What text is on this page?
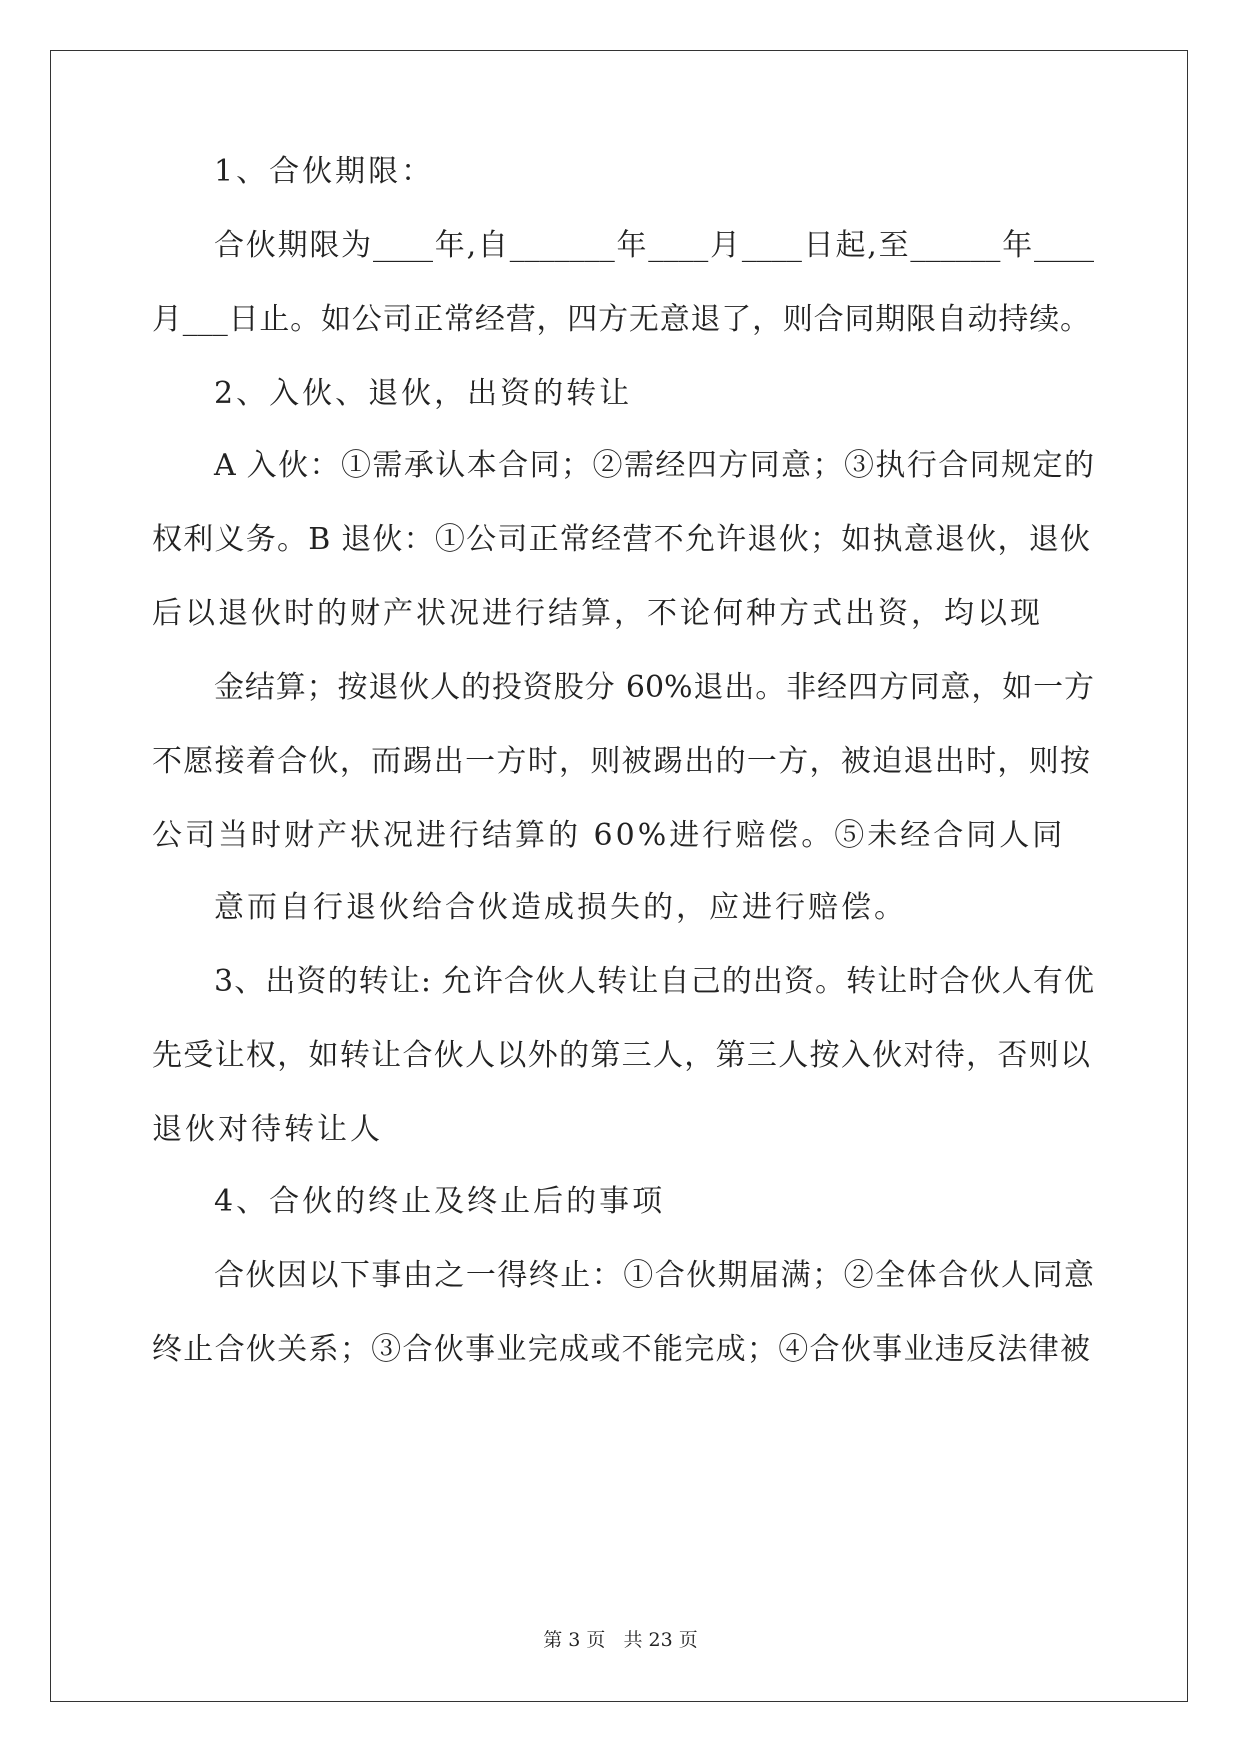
1、合伙期限：
合伙期限为____年,自_______年____月____日起,至______年____
月___日止。如公司正常经营，四方无意退了，则合同期限自动持续。
2、入伙、退伙，出资的转让
A 入伙：①需承认本合同；②需经四方同意；③执行合同规定的
权利义务。B 退伙：①公司正常经营不允许退伙；如执意退伙，退伙
后以退伙时的财产状况进行结算，不论何种方式出资，均以现
金结算；按退伙人的投资股分 60%退出。非经四方同意，如一方
不愿接着合伙，而踢出一方时，则被踢出的一方，被迫退出时，则按
公司当时财产状况进行结算的 60%进行赔偿。⑤未经合同人同
意而自行退伙给合伙造成损失的，应进行赔偿。
3、出资的转让: 允许合伙人转让自己的出资。转让时合伙人有优
先受让权，如转让合伙人以外的第三人，第三人按入伙对待，否则以
退伙对待转让人
4、合伙的终止及终止后的事项
合伙因以下事由之一得终止：①合伙期届满；②全体合伙人同意
终止合伙关系；③合伙事业完成或不能完成；④合伙事业违反法律被
第 3 页 共 23 页
